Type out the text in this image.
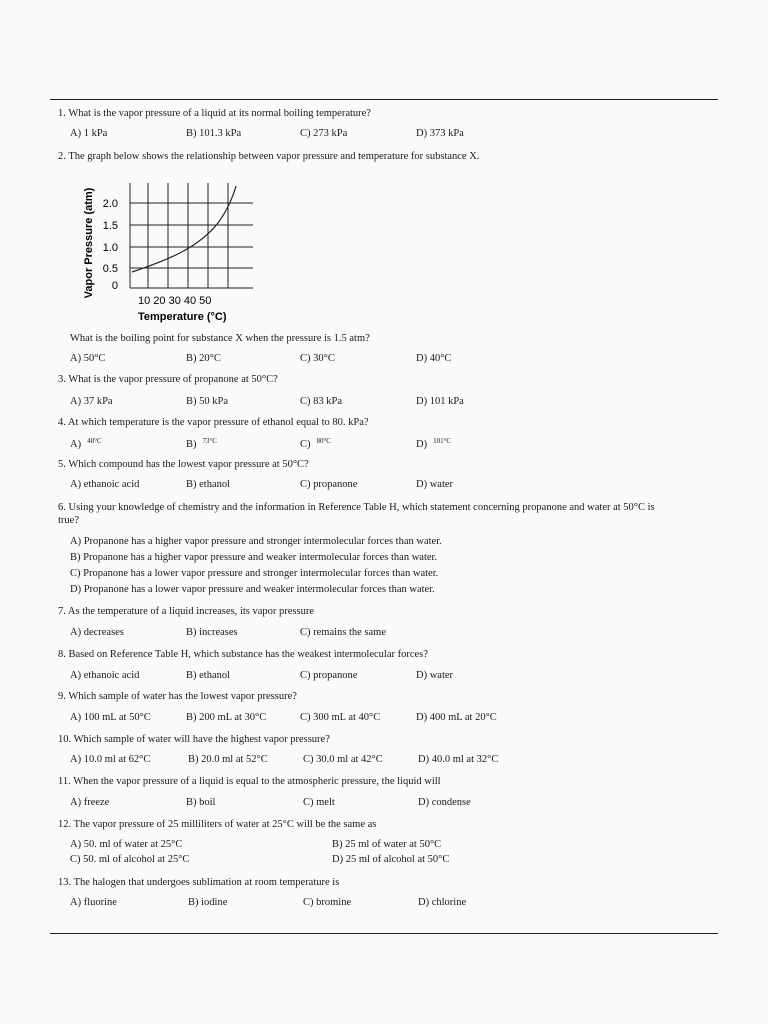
1. What is the vapor pressure of a liquid at its normal boiling temperature?
A) 1 kPa	B) 101.3 kPa	C) 273 kPa	D) 373 kPa
2. The graph below shows the relationship between vapor pressure and temperature for substance X.
Vapor Pressure (atm) 2.0
1.5
1.0
0.5
0
10 20 30 40 50
Temperature (°C)
What is the boiling point for substance X when the pressure is 1.5 atm?
A) 50°C	B) 20°C	C) 30°C	D) 40°C
3. What is the vapor pressure of propanone at 50°C?
A) 37 kPa	B) 50 kPa	C) 83 kPa	D) 101 kPa
4. At which temperature is the vapor pressure of ethanol equal to 80. kPa?
A) $^{48^\circ C}$	B) $^{73^\circ C}$	C) $^{80^\circ C}$	D) $^{101^\circ C}$
5. Which compound has the lowest vapor pressure at 50°C?
A) ethanoic acid	B) ethanol	C) propanone	D) water
6. Using your knowledge of chemistry and the information in Reference Table H, which statement concerning propanone and water at 50°C is true?
A) Propanone has a higher vapor pressure and stronger intermolecular forces than water.
B) Propanone has a higher vapor pressure and weaker intermolecular forces than water.
C) Propanone has a lower vapor pressure and stronger intermolecular forces than water.
D) Propanone has a lower vapor pressure and weaker intermolecular forces than water.
7. As the temperature of a liquid increases, its vapor pressure
A) decreases	B) increases	C) remains the same
8. Based on Reference Table H, which substance has the weakest intermolecular forces?
A) ethanoic acid	B) ethanol	C) propanone	D) water
9. Which sample of water has the lowest vapor pressure?
A) 100 mL at 50°C	B) 200 mL at 30°C	C) 300 mL at 40°C	D) 400 mL at 20°C
10. Which sample of water will have the highest vapor pressure?
A) 10.0 ml at 62°C	B) 20.0 ml at 52°C	C) 30.0 ml at 42°C	D) 40.0 ml at 32°C
11. When the vapor pressure of a liquid is equal to the atmospheric pressure, the liquid will
A) freeze	B) boil	C) melt	D) condense
12. The vapor pressure of 25 milliliters of water at 25°C will be the same as
A) 50. ml of water at 25°C	B) 25 ml of water at 50°C
C) 50. ml of alcohol at 25°C	D) 25 ml of alcohol at 50°C
13. The halogen that undergoes sublimation at room temperature is
A) fluorine	B) iodine	C) bromine	D) chlorine
